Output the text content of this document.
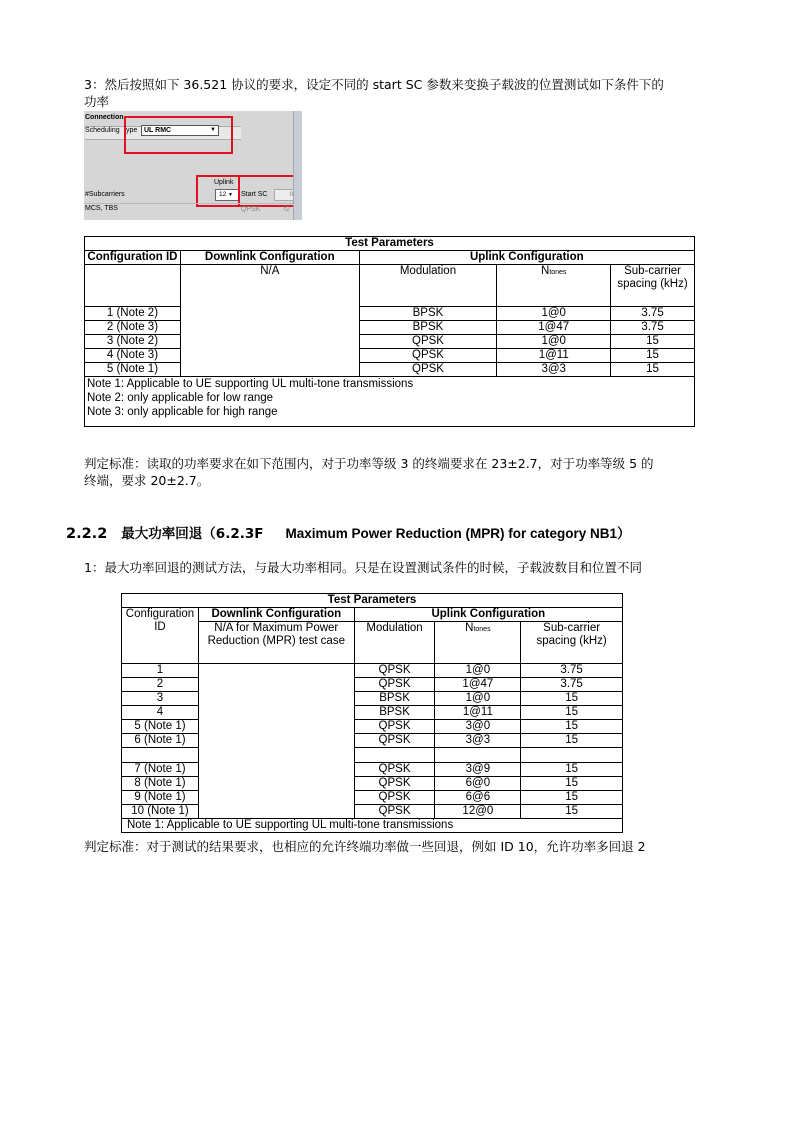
3：然后按照如下 36.521 协议的要求，设定不同的 start SC 参数来变换子载波的位置测试如下条件下的功率
Connection
Scheduling ype UL RMC	▼
Uplink
#Subcarriers	12 ▼	Start SC	0
MCS, TBS	QPSK	f2
Test Parameters				
Configuration ID	Downlink Configuration	Uplink Configuration		
	N/A	Modulation	Ntones	Sub-carrier spacing (kHz)
1 (Note 2)		BPSK	1@0	3.75
2 (Note 3)		BPSK	1@47	3.75
3 (Note 2)		QPSK	1@0	15
4 (Note 3)		QPSK	1@11	15
5 (Note 1)		QPSK	3@3	15

Note 1: Applicable to UE supporting UL multi-tone transmissions
Note 2: only applicable for low range
Note 3: only applicable for high range				
判定标准：读取的功率要求在如下范围内，对于功率等级 3 的终端要求在 23±2.7，对于功率等级 5 的终端，要求 20±2.7。
2.2.2 最大功率回退（6.2.3F Maximum Power Reduction (MPR) for category NB1）
1：最大功率回退的测试方法，与最大功率相同。只是在设置测试条件的时候，子载波数目和位置不同
Test Parameters				
Configuration ID	Downlink Configuration	Uplink Configuration		
	N/A for Maximum Power Reduction (MPR) test case	Modulation	Ntones	Sub-carrier spacing (kHz)
1		QPSK	1@0	3.75
2		QPSK	1@47	3.75
3		BPSK	1@0	15
4		BPSK	1@11	15
5 (Note 1)		QPSK	3@0	15
6 (Note 1)		QPSK	3@3	15

7 (Note 1)		QPSK	3@9	15
8 (Note 1)		QPSK	6@0	15
9 (Note 1)		QPSK	6@6	15
10 (Note 1)		QPSK	12@0	15
Note 1: Applicable to UE supporting UL multi-tone transmissions				
判定标准：对于测试的结果要求，也相应的允许终端功率做一些回退，例如 ID 10，允许功率多回退 2
